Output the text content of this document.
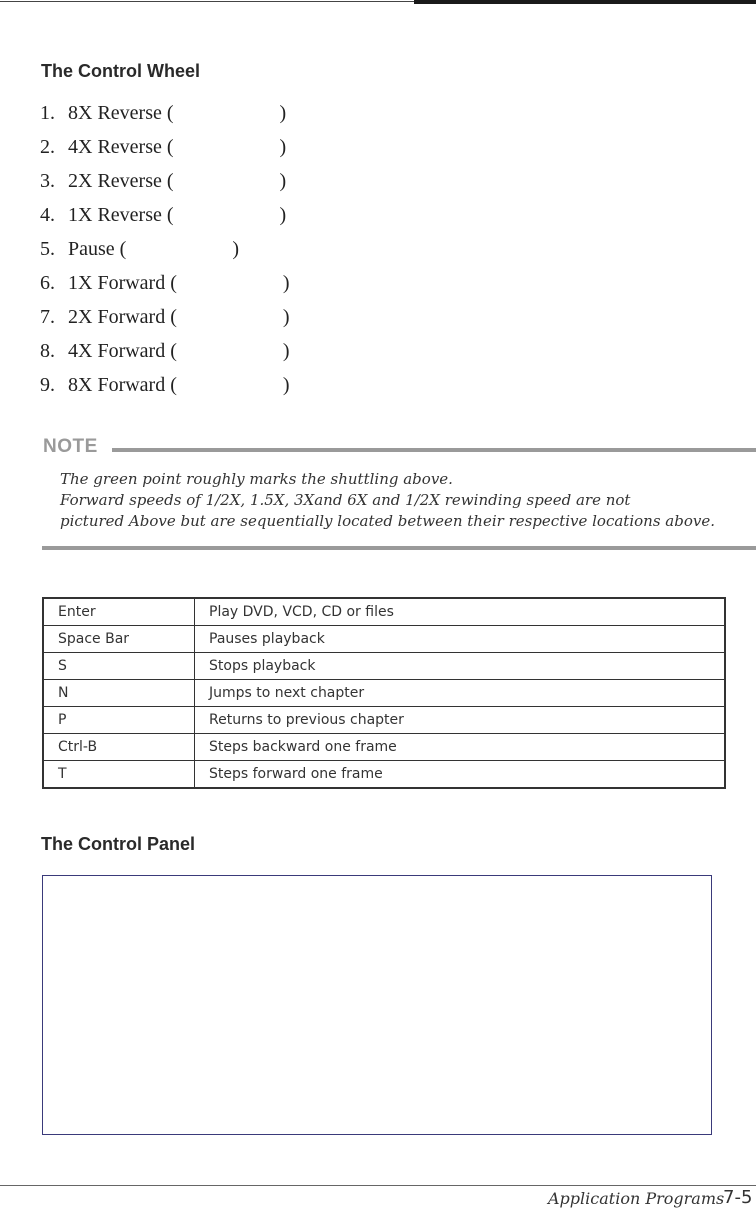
The Control Wheel
1. 8X Reverse (	)
2. 4X Reverse (	)
3. 2X Reverse (	)
4. 1X Reverse (	)
5. Pause (	)
6. 1X Forward (	)
7. 2X Forward (	)
8. 4X Forward (	)
9. 8X Forward (	)
NOTE
The green point roughly marks the shuttling above.
Forward speeds of 1/2X, 1.5X, 3Xand 6X and 1/2X rewinding speed are not
pictured Above but are sequentially located between their respective locations above.
Enter	Play DVD, VCD, CD or files
Space Bar	Pauses playback
S	Stops playback
N	Jumps to next chapter
P	Returns to previous chapter
Ctrl-B	Steps backward one frame
T	Steps forward one frame
The Control Panel
Application Programs
7-5
